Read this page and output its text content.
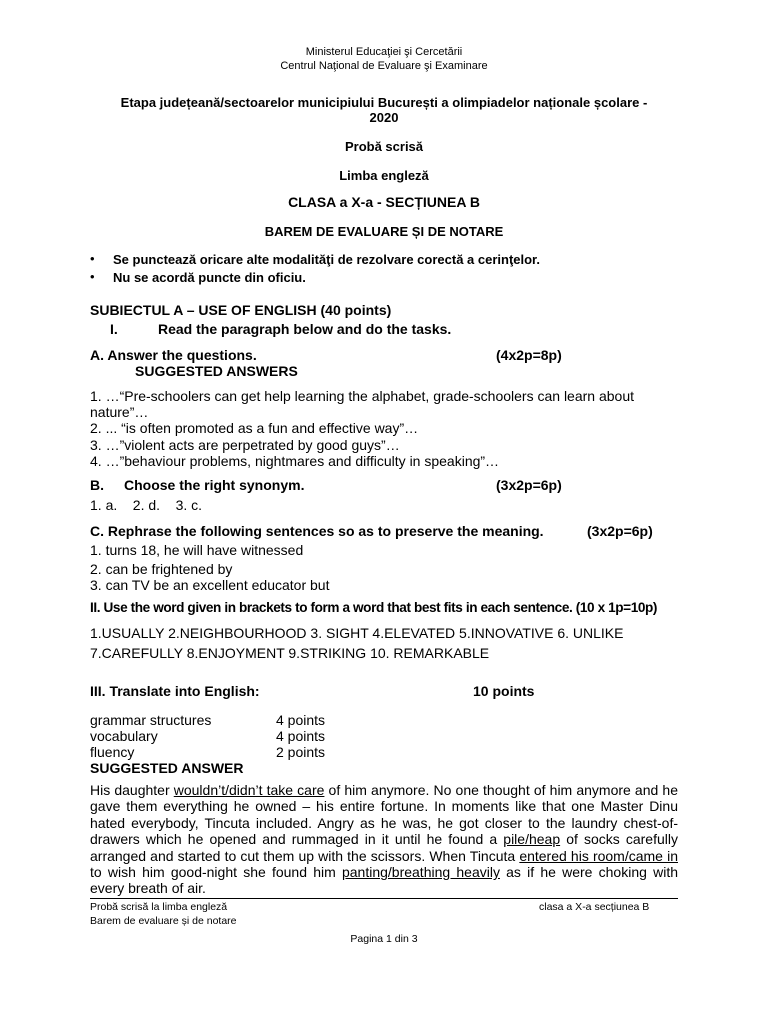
Ministerul Educaţiei şi Cercetării
Centrul Naţional de Evaluare şi Examinare
Etapa județeană/sectoarelor municipiului București a olimpiadelor naționale școlare -
2020
Probă scrisă
Limba engleză
CLASA a X-a - SECȚIUNEA B
BAREM DE EVALUARE ȘI DE NOTARE
• Se punctează oricare alte modalităţi de rezolvare corectă a cerinţelor.
• Nu se acordă puncte din oficiu.
SUBIECTUL A – USE OF ENGLISH (40 points)
I.	Read the paragraph below and do the tasks.
A. Answer the questions.	(4x2p=8p)
SUGGESTED ANSWERS
1. …“Pre-schoolers can get help learning the alphabet, grade-schoolers can learn about
nature”…
2. ... “is often promoted as a fun and effective way”…
3. …”violent acts are perpetrated by good guys”…
4. …”behaviour problems, nightmares and difficulty in speaking”…
B. Choose the right synonym.	(3x2p=6p)
1. a.    2. d.    3. c.
C. Rephrase the following sentences so as to preserve the meaning.	(3x2p=6p)
1. turns 18, he will have witnessed
2. can be frightened by
3. can TV be an excellent educator but
II. Use the word given in brackets to form a word that best fits in each sentence. (10 x 1p=10p)
1.USUALLY 2.NEIGHBOURHOOD 3. SIGHT 4.ELEVATED 5.INNOVATIVE 6. UNLIKE
7.CAREFULLY 8.ENJOYMENT 9.STRIKING 10. REMARKABLE
III. Translate into English:	10 points
grammar structures	4 points
vocabulary	4 points
fluency	2 points
SUGGESTED ANSWER
His daughter wouldn’t/didn’t take care of him anymore. No one thought of him anymore and he gave them everything he owned – his entire fortune. In moments like that one Master Dinu hated everybody, Tincuta included. Angry as he was, he got closer to the laundry chest-of-drawers which he opened and rummaged in it until he found a pile/heap of socks carefully arranged and started to cut them up with the scissors. When Tincuta entered his room/came in to wish him good-night she found him panting/breathing heavily as if he were choking with every breath of air.
Probă scrisă la limba engleză
Barem de evaluare și de notare
clasa a X-a secțiunea B
Pagina 1 din 3
